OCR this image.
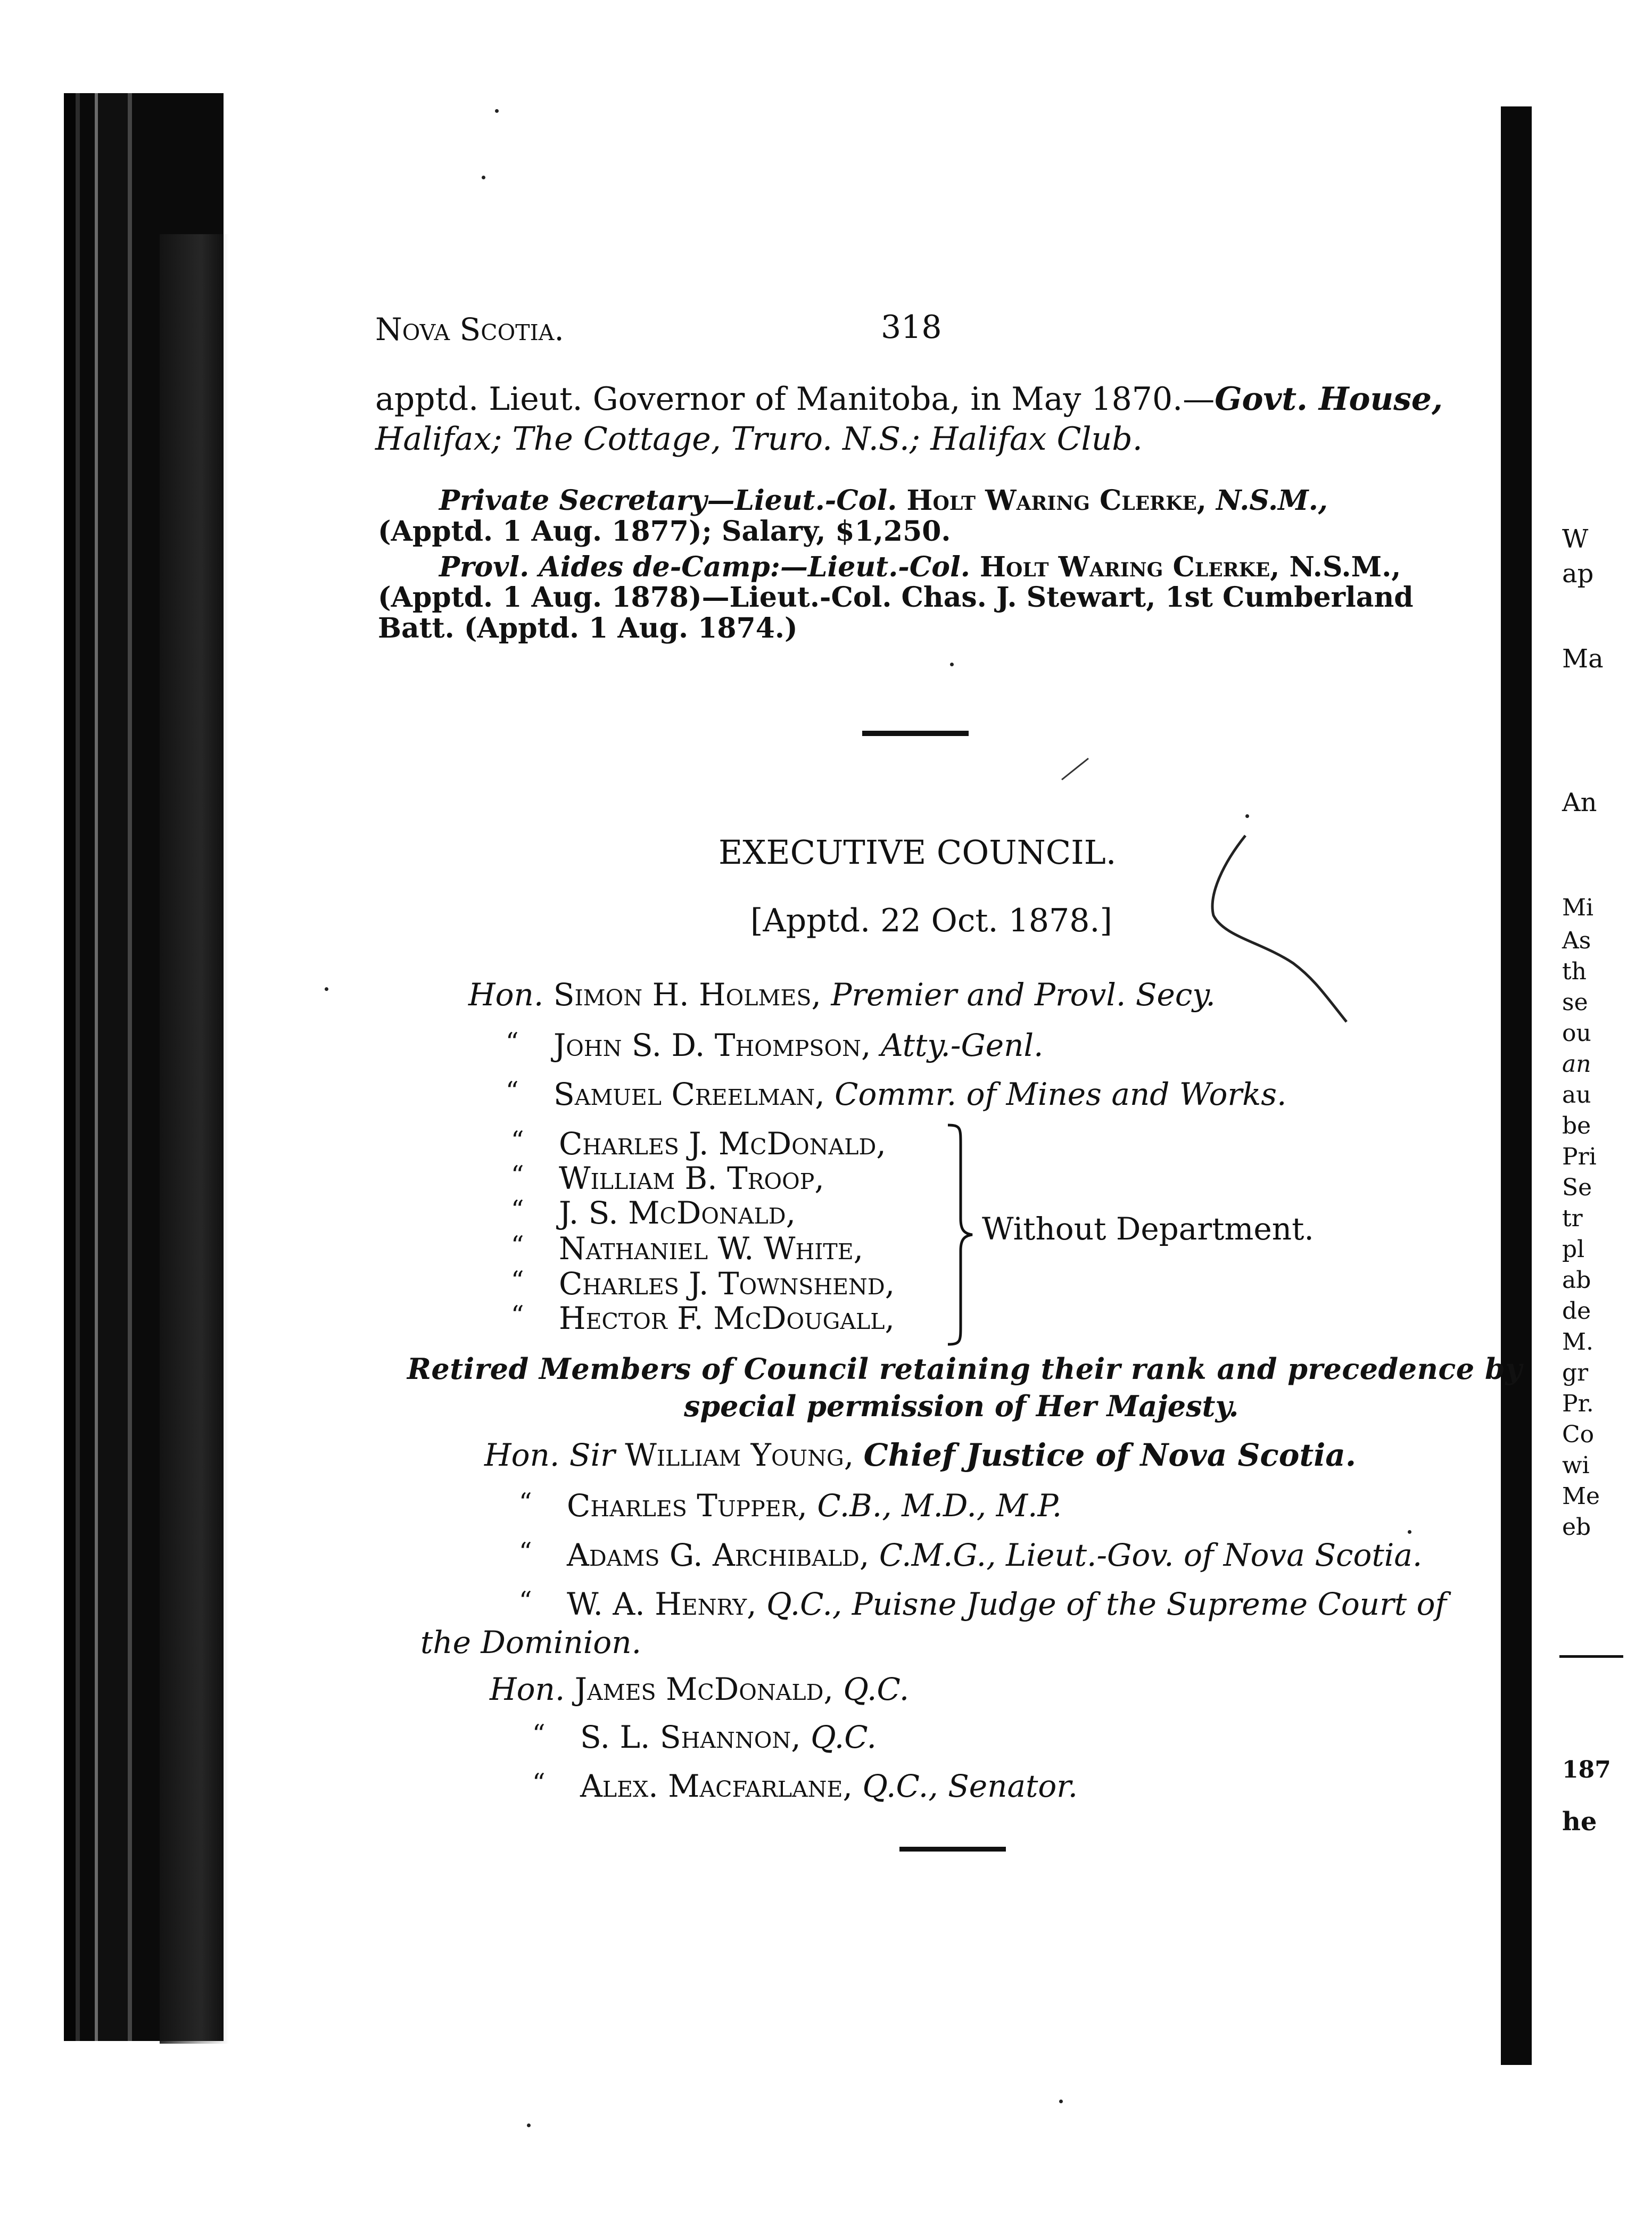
Nova Scotia.	318
apptd. Lieut. Governor of Manitoba, in May 1870.—Govt. House,
Halifax; The Cottage, Truro. N.S.; Halifax Club.
Private Secretary—Lieut.-Col. Holt Waring Clerke, N.S.M.,
(Apptd. 1 Aug. 1877); Salary, $1,250.
Provl. Aides de-Camp:—Lieut.-Col. Holt Waring Clerke, N.S.M.,
(Apptd. 1 Aug. 1878)—Lieut.-Col. Chas. J. Stewart, 1st Cumberland
Batt. (Apptd. 1 Aug. 1874.)
EXECUTIVE COUNCIL.
[Apptd. 22 Oct. 1878.]
Hon. Simon H. Holmes, Premier and Provl. Secy.
“ John S. D. Thompson, Atty.-Genl.
“ Samuel Creelman, Commr. of Mines and Works.
“ Charles J. McDonald,
“ William B. Troop,
“ J. S. McDonald,
“ Nathaniel W. White,
“ Charles J. Townshend,
“ Hector F. McDougall,
Without Department.
Retired Members of Council retaining their rank and precedence by
special permission of Her Majesty.
Hon. Sir William Young, Chief Justice of Nova Scotia.
“ Charles Tupper, C.B., M.D., M.P.
“ Adams G. Archibald, C.M.G., Lieut.-Gov. of Nova Scotia.
“ W. A. Henry, Q.C., Puisne Judge of the Supreme Court of
the Dominion.
Hon. James McDonald, Q.C.
“ S. L. Shannon, Q.C.
“ Alex. Macfarlane, Q.C., Senator.
W
ap
Ma
An
Mi
As
th
se
ou
an
au
be
Pri
Se
tr
pl
ab
de
M.
gr
Pr.
Co
wi
Me
eb
187
he
